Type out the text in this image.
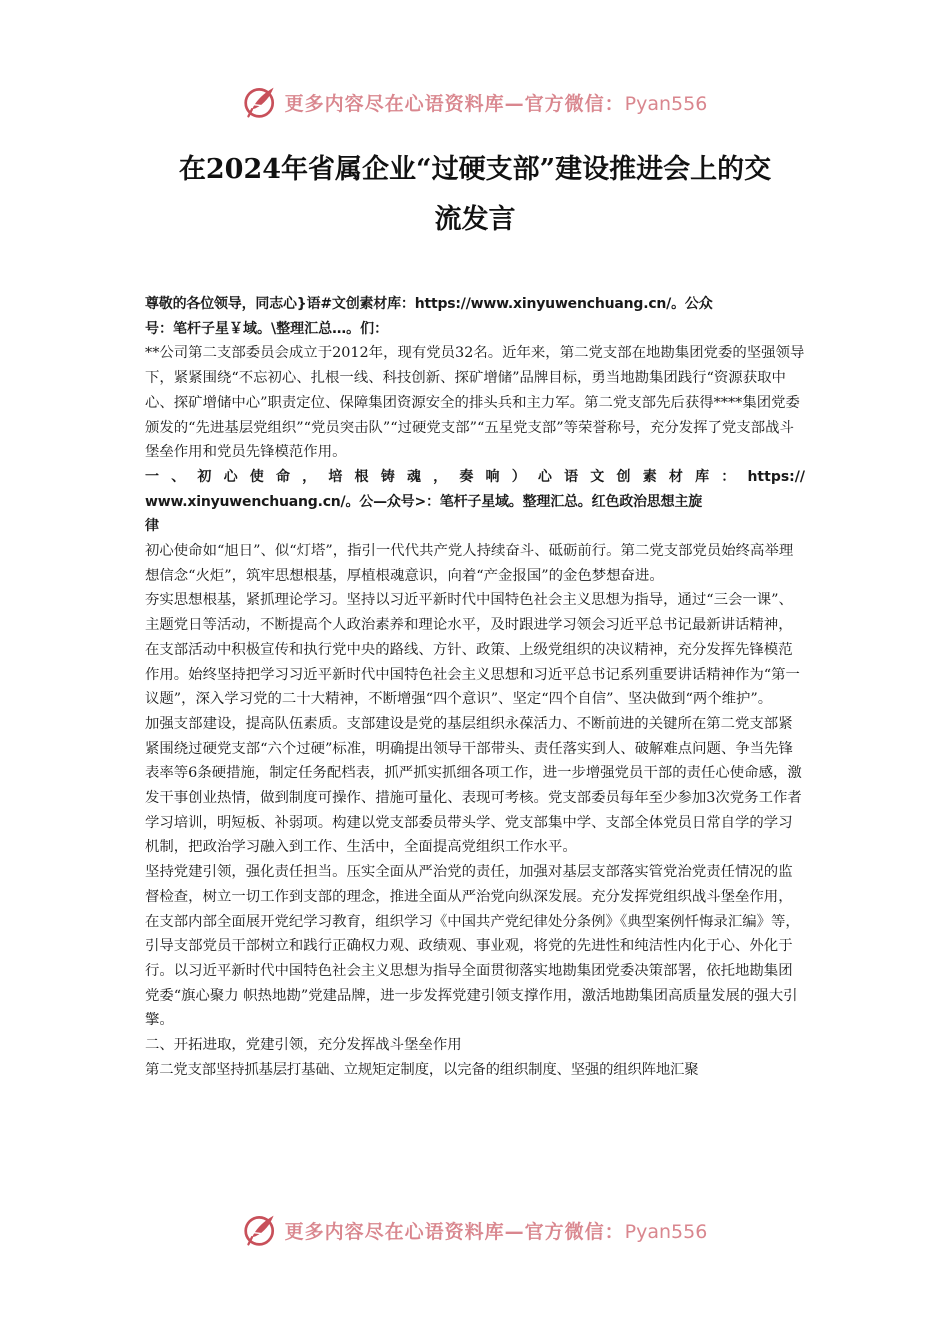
更多内容尽在心语资料库—官方微信：Pyan556
在2024年省属企业“过硬支部”建设推进会上的交
流发言

尊敬的各位领导，同志心}语#文创素材库：https://www.xinyuwenchuang.cn/。公众

号：笔杆子星￥域。\整理汇总…。们：

**公司第二支部委员会成立于2012年，现有党员32名。近年来，第二党支部在地勘集团党委的坚强领导下，紧紧围绕“不忘初心、扎根一线、科技创新、探矿增储”品牌目标，勇当地勘集团践行“资源获取中心、探矿增储中心”职责定位、保障集团资源安全的排头兵和主力军。第二党支部先后获得****集团党委颁发的“先进基层党组织”“党员突击队”“过硬党支部”“五星党支部”等荣誉称号，充分发挥了党支部战斗堡垒作用和党员先锋模范作用。

一、初心使命，培根铸魂，奏响）心语文创素材库：https://

www.xinyuwenchuang.cn/。公—众号>：笔杆子星域。整理汇总。红色政治思想主旋

律

初心使命如“旭日”、似“灯塔”，指引一代代共产党人持续奋斗、砥砺前行。第二党支部党员始终高举理想信念“火炬”，筑牢思想根基，厚植根魂意识，向着“产金报国”的金色梦想奋进。

夯实思想根基，紧抓理论学习。坚持以习近平新时代中国特色社会主义思想为指导，通过“三会一课”、主题党日等活动，不断提高个人政治素养和理论水平，及时跟进学习领会习近平总书记最新讲话精神，在支部活动中积极宣传和执行党中央的路线、方针、政策、上级党组织的决议精神，充分发挥先锋模范作用。始终坚持把学习习近平新时代中国特色社会主义思想和习近平总书记系列重要讲话精神作为“第一议题”，深入学习党的二十大精神，不断增强“四个意识”、坚定“四个自信”、坚决做到“两个维护”。

加强支部建设，提高队伍素质。支部建设是党的基层组织永葆活力、不断前进的关键所在第二党支部紧紧围绕过硬党支部“六个过硬”标准，明确提出领导干部带头、责任落实到人、破解难点问题、争当先锋表率等6条硬措施，制定任务配档表，抓严抓实抓细各项工作，进一步增强党员干部的责任心使命感，激发干事创业热情，做到制度可操作、措施可量化、表现可考核。党支部委员每年至少参加3次党务工作者学习培训，明短板、补弱项。构建以党支部委员带头学、党支部集中学、支部全体党员日常自学的学习机制，把政治学习融入到工作、生活中，全面提高党组织工作水平。

坚持党建引领，强化责任担当。压实全面从严治党的责任，加强对基层支部落实管党治党责任情况的监督检查，树立一切工作到支部的理念，推进全面从严治党向纵深发展。充分发挥党组织战斗堡垒作用，在支部内部全面展开党纪学习教育，组织学习《中国共产党纪律处分条例》《典型案例忏悔录汇编》等，引导支部党员干部树立和践行正确权力观、政绩观、事业观，将党的先进性和纯洁性内化于心、外化于行。以习近平新时代中国特色社会主义思想为指导全面贯彻落实地勘集团党委决策部署，依托地勘集团党委“旗心聚力 帜热地勘”党建品牌，进一步发挥党建引领支撑作用，激活地勘集团高质量发展的强大引擎。

二、开拓进取，党建引领，充分发挥战斗堡垒作用

第二党支部坚持抓基层打基础、立规矩定制度，以完备的组织制度、坚强的组织阵地汇聚

更多内容尽在心语资料库—官方微信：Pyan556
